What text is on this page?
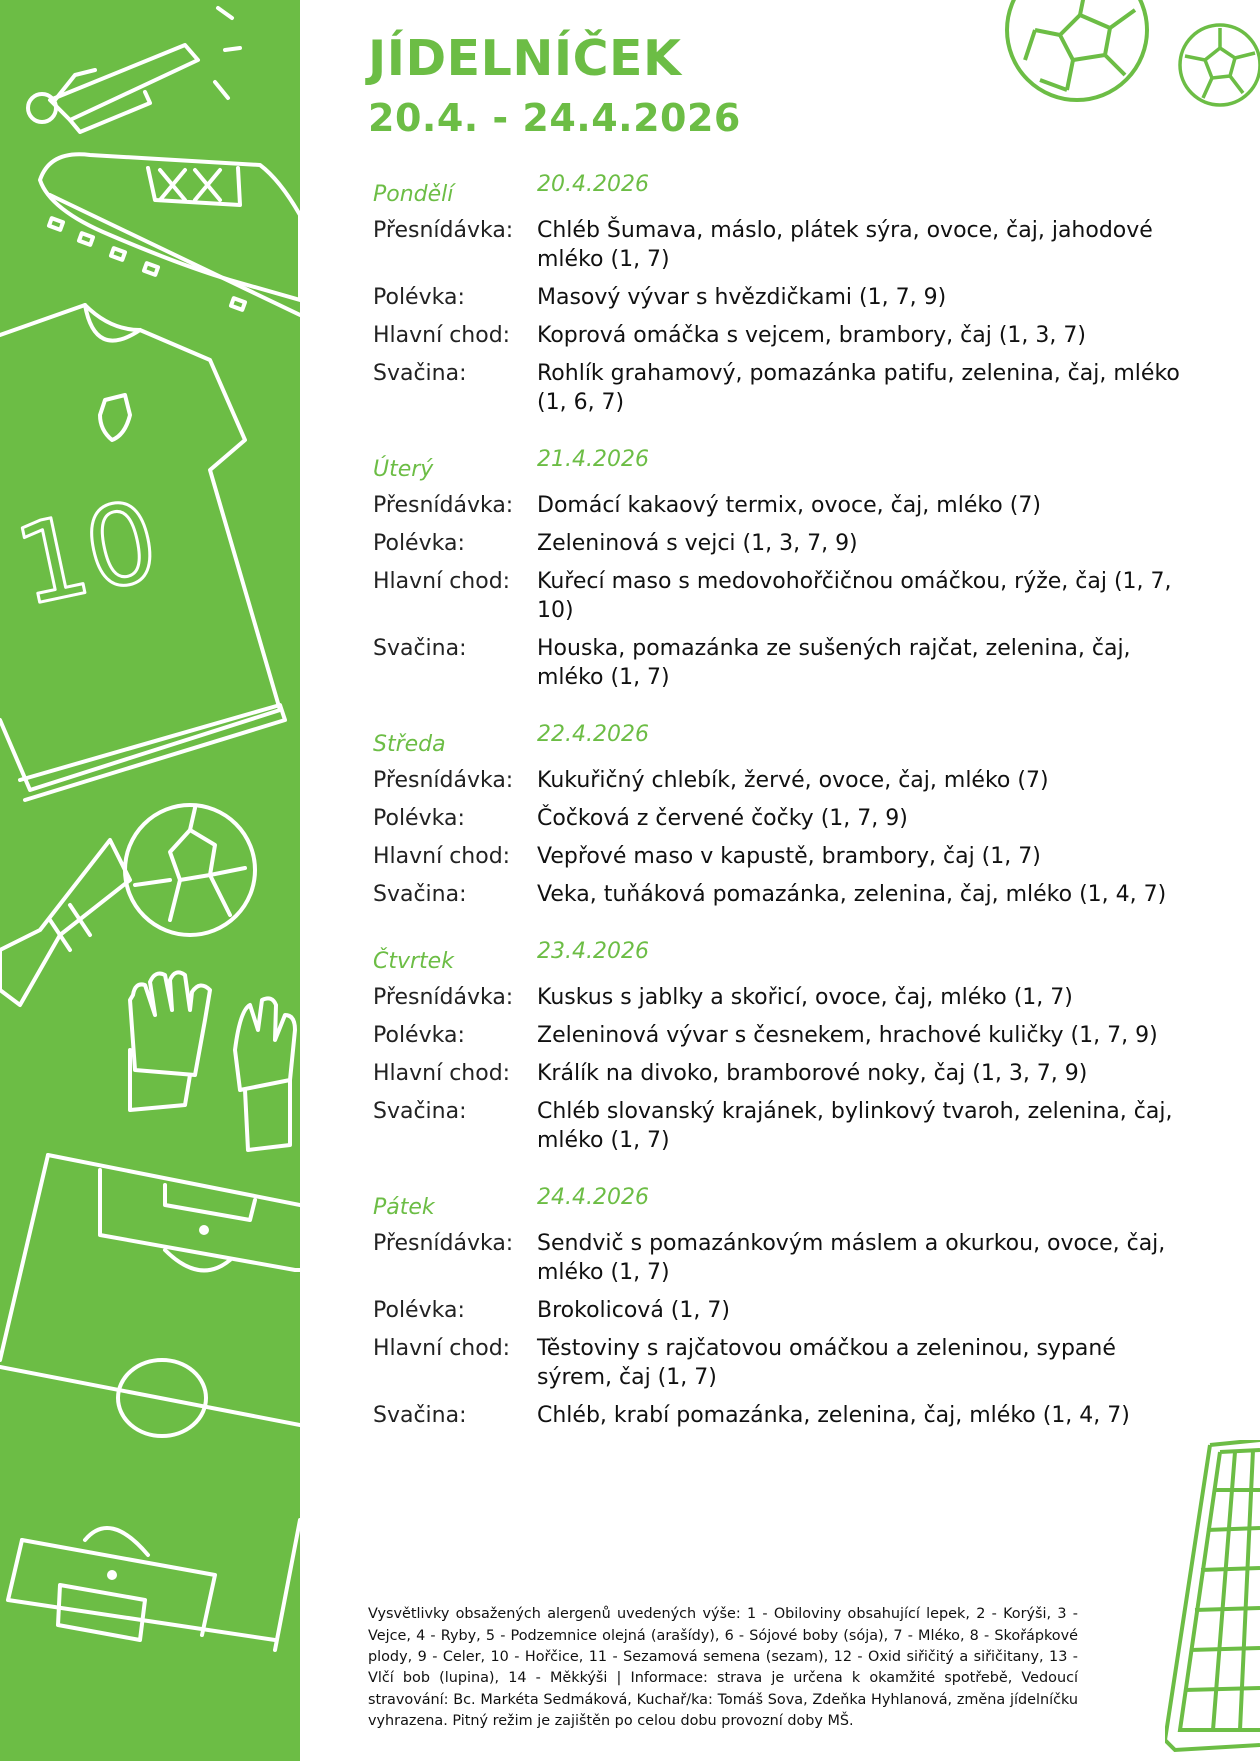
10
JÍDELNÍČEK
20.4. - 24.4.2026
Pondělí	20.4.2026
Přesnídávka:	Chléb Šumava, máslo, plátek sýra, ovoce, čaj, jahodové mléko (1, 7)
Polévka:	Masový vývar s hvězdičkami (1, 7, 9)
Hlavní chod:	Koprová omáčka s vejcem, brambory, čaj (1, 3, 7)
Svačina:	Rohlík grahamový, pomazánka patifu, zelenina, čaj, mléko (1, 6, 7)
Úterý	21.4.2026
Přesnídávka:	Domácí kakaový termix, ovoce, čaj, mléko (7)
Polévka:	Zeleninová s vejci (1, 3, 7, 9)
Hlavní chod:	Kuřecí maso s medovohořčičnou omáčkou, rýže, čaj (1, 7, 10)
Svačina:	Houska, pomazánka ze sušených rajčat, zelenina, čaj, mléko (1, 7)
Středa	22.4.2026
Přesnídávka:	Kukuřičný chlebík, žervé, ovoce, čaj, mléko (7)
Polévka:	Čočková z červené čočky (1, 7, 9)
Hlavní chod:	Vepřové maso v kapustě, brambory, čaj (1, 7)
Svačina:	Veka, tuňáková pomazánka, zelenina, čaj, mléko (1, 4, 7)
Čtvrtek	23.4.2026
Přesnídávka:	Kuskus s jablky a skořicí, ovoce, čaj, mléko (1, 7)
Polévka:	Zeleninová vývar s česnekem, hrachové kuličky (1, 7, 9)
Hlavní chod:	Králík na divoko, bramborové noky, čaj (1, 3, 7, 9)
Svačina:	Chléb slovanský krajánek, bylinkový tvaroh, zelenina, čaj, mléko (1, 7)
Pátek	24.4.2026
Přesnídávka:	Sendvič s pomazánkovým máslem a okurkou, ovoce, čaj, mléko (1, 7)
Polévka:	Brokolicová (1, 7)
Hlavní chod:	Těstoviny s rajčatovou omáčkou a zeleninou, sypané sýrem, čaj (1, 7)
Svačina:	Chléb, krabí pomazánka, zelenina, čaj, mléko (1, 4, 7)

Vysvětlivky obsažených alergenů uvedených výše: 1 - Obiloviny obsahující lepek, 2 - Korýši, 3 - Vejce, 4 - Ryby, 5 - Podzemnice olejná (arašídy), 6 - Sójové boby (sója), 7 - Mléko, 8 - Skořápkové plody, 9 - Celer, 10 - Hořčice, 11 - Sezamová semena (sezam), 12 - Oxid siřičitý a siřičitany, 13 - Vlčí bob (lupina), 14 - Měkkýši | Informace: strava je určena k okamžité spotřebě, Vedoucí stravování: Bc. Markéta Sedmáková, Kuchař/ka: Tomáš Sova, Zdeňka Hyhlanová, změna jídelníčku vyhrazena. Pitný režim je zajištěn po celou dobu provozní doby MŠ.
